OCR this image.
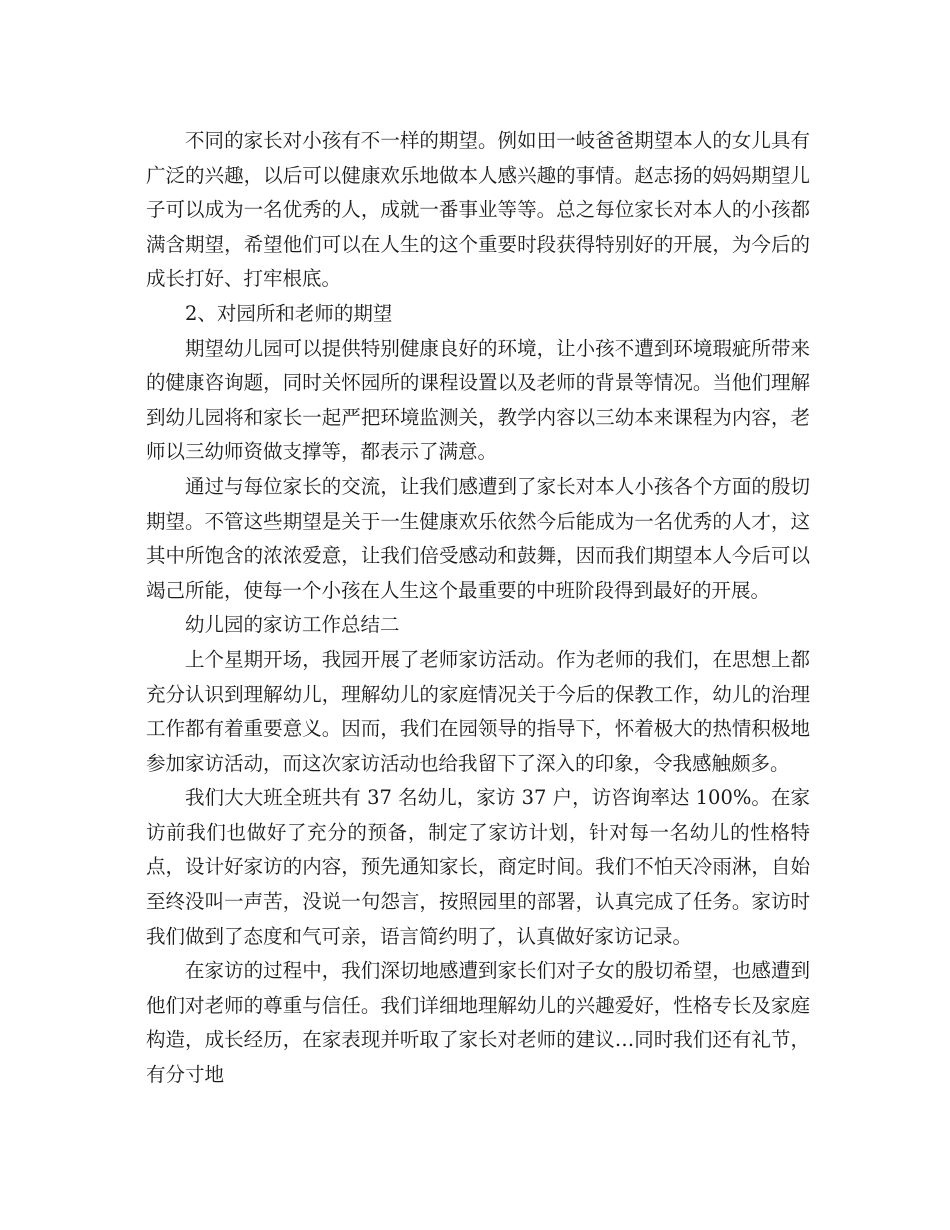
不同的家长对小孩有不一样的期望。例如田一岐爸爸期望本人的女儿具有广泛的兴趣，以后可以健康欢乐地做本人感兴趣的事情。赵志扬的妈妈期望儿子可以成为一名优秀的人，成就一番事业等等。总之每位家长对本人的小孩都满含期望，希望他们可以在人生的这个重要时段获得特别好的开展，为今后的成长打好、打牢根底。

2、对园所和老师的期望

期望幼儿园可以提供特别健康良好的环境，让小孩不遭到环境瑕疵所带来的健康咨询题，同时关怀园所的课程设置以及老师的背景等情况。当他们理解到幼儿园将和家长一起严把环境监测关，教学内容以三幼本来课程为内容，老师以三幼师资做支撑等，都表示了满意。

通过与每位家长的交流，让我们感遭到了家长对本人小孩各个方面的殷切期望。不管这些期望是关于一生健康欢乐依然今后能成为一名优秀的人才，这其中所饱含的浓浓爱意，让我们倍受感动和鼓舞，因而我们期望本人今后可以竭己所能，使每一个小孩在人生这个最重要的中班阶段得到最好的开展。

幼儿园的家访工作总结二

上个星期开场，我园开展了老师家访活动。作为老师的我们，在思想上都充分认识到理解幼儿，理解幼儿的家庭情况关于今后的保教工作，幼儿的治理工作都有着重要意义。因而，我们在园领导的指导下，怀着极大的热情积极地参加家访活动，而这次家访活动也给我留下了深入的印象，令我感触颇多。

我们大大班全班共有 37 名幼儿，家访 37 户，访咨询率达 100%。在家访前我们也做好了充分的预备，制定了家访计划，针对每一名幼儿的性格特点，设计好家访的内容，预先通知家长，商定时间。我们不怕天冷雨淋，自始至终没叫一声苦，没说一句怨言，按照园里的部署，认真完成了任务。家访时我们做到了态度和气可亲，语言简约明了，认真做好家访记录。

在家访的过程中，我们深切地感遭到家长们对子女的殷切希望，也感遭到他们对老师的尊重与信任。我们详细地理解幼儿的兴趣爱好，性格专长及家庭构造，成长经历，在家表现并听取了家长对老师的建议…同时我们还有礼节，有分寸地
